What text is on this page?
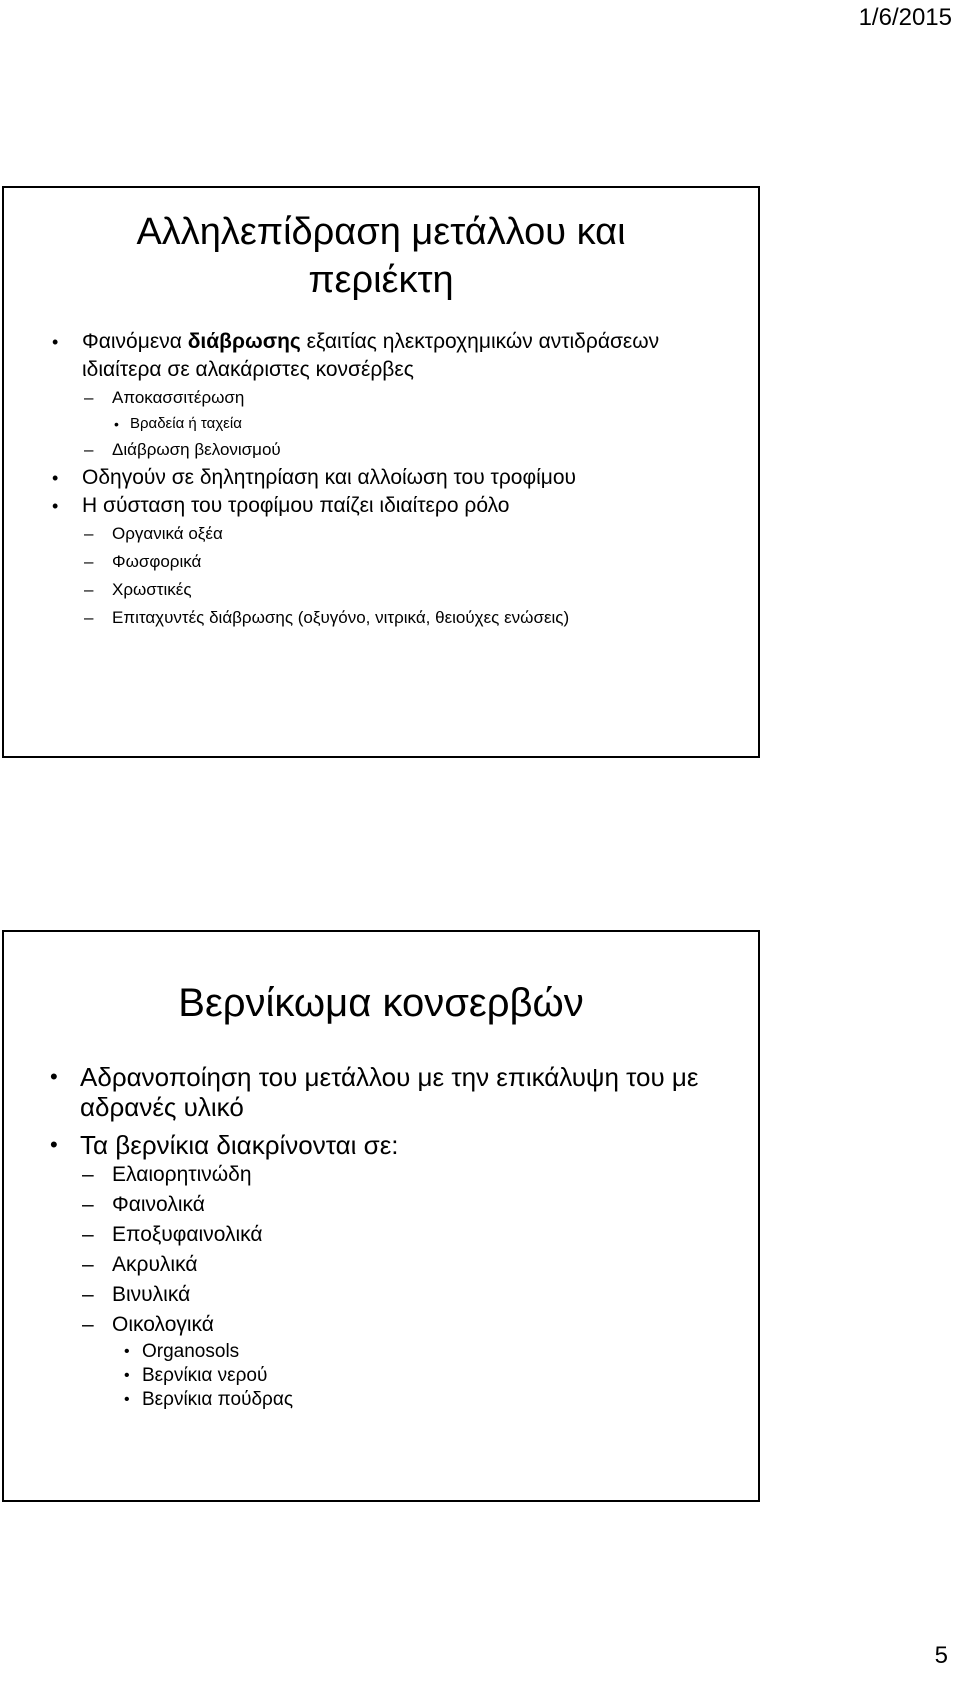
1/6/2015
Αλληλεπίδραση μετάλλου και
περιέκτη
• Φαινόμενα διάβρωσης εξαιτίας ηλεκτροχημικών αντιδράσεων ιδιαίτερα σε αλακάριστες κονσέρβες
– Αποκασσιτέρωση
• Βραδεία ή ταχεία
– Διάβρωση βελονισμού
• Οδηγούν σε δηλητηρίαση και αλλοίωση του τροφίμου
• Η σύσταση του τροφίμου παίζει ιδιαίτερο ρόλο
– Οργανικά οξέα
– Φωσφορικά
– Χρωστικές
– Επιταχυντές διάβρωσης (οξυγόνο, νιτρικά, θειούχες ενώσεις)
Βερνίκωμα κονσερβών
• Αδρανοποίηση του μετάλλου με την επικάλυψη του με αδρανές υλικό
• Τα βερνίκια διακρίνονται σε:
– Ελαιορητινώδη
– Φαινολικά
– Εποξυφαινολικά
– Ακρυλικά
– Βινυλικά
– Οικολογικά
• Organosols
• Βερνίκια νερού
• Βερνίκια πούδρας
5
